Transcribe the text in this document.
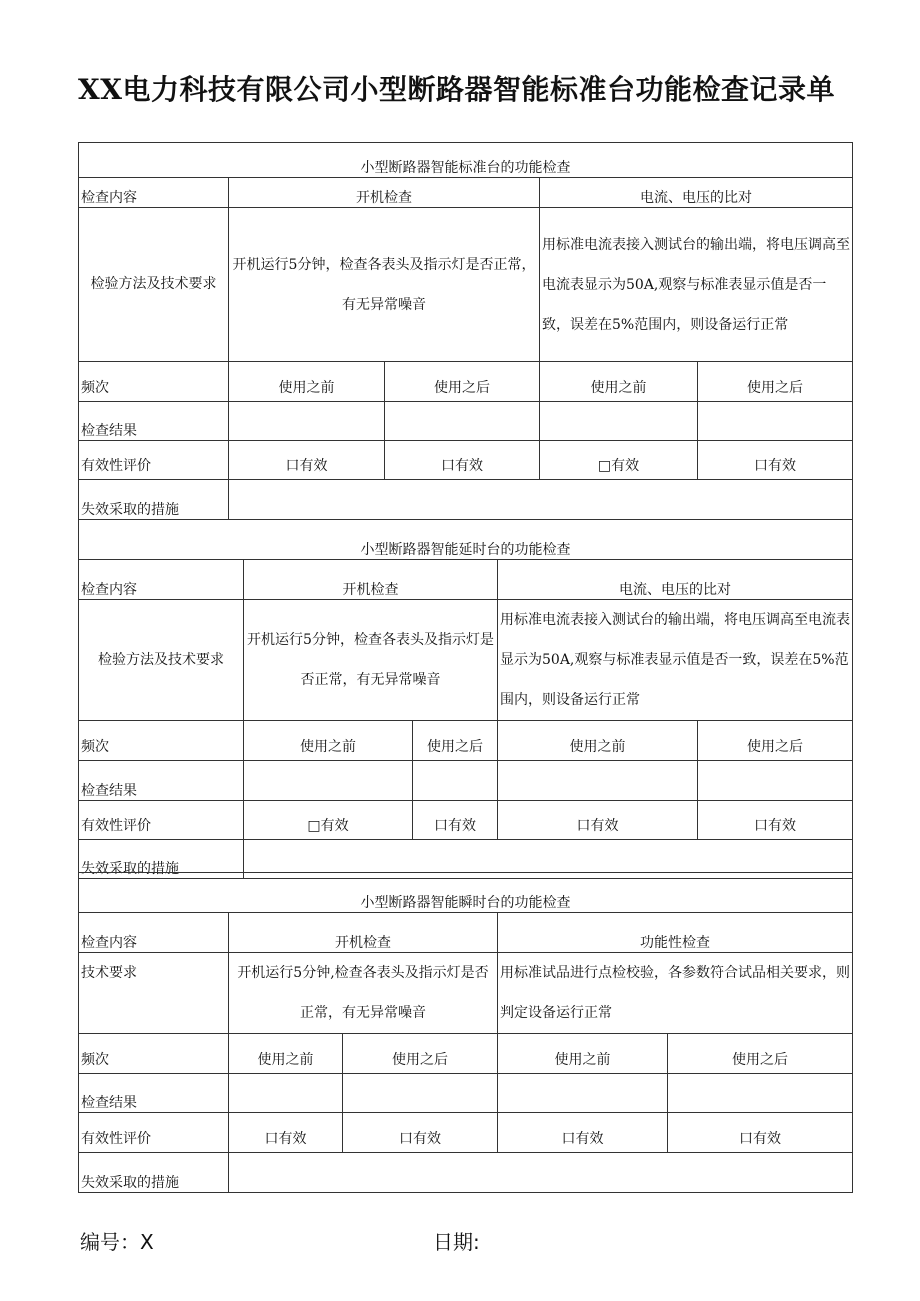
XX电力科技有限公司小型断路器智能标准台功能检查记录单
小型断路器智能标准台的功能检查				
检查内容	开机检查		电流、电压的比对	
检验方法及技术要求	开机运行5分钟，检查各表头及指示灯是否正常，有无异常噪音		用标准电流表接入测试台的输出端，将电压调高至电流表显示为50A,观察与标准表显示值是否一致，误差在5%范围内，则设备运行正常	
频次	使用之前	使用之后	使用之前	使用之后
检查结果				
有效性评价	口有效	口有效	□有效	口有效
失效采取的措施				
小型断路器智能延时台的功能检查				
检查内容	开机检查		电流、电压的比对	
检验方法及技术要求	开机运行5分钟，检查各表头及指示灯是否正常，有无异常噪音		用标准电流表接入测试台的输出端，将电压调高至电流表显示为50A,观察与标准表显示值是否一致，误差在5%范围内，则设备运行正常	
频次	使用之前	使用之后	使用之前	使用之后
检查结果				
有效性评价	□有效	口有效	口有效	口有效
失效采取的措施				
小型断路器智能瞬时台的功能检查				
检查内容	开机检查		功能性检查	
技术要求	开机运行5分钟,检查各表头及指示灯是否正常，有无异常噪音		用标准试品进行点检校验，各参数符合试品相关要求，则判定设备运行正常	
频次	使用之前	使用之后	使用之前	使用之后
检查结果				
有效性评价	口有效	口有效	口有效	口有效
失效采取的措施				
编号：X	日期:
